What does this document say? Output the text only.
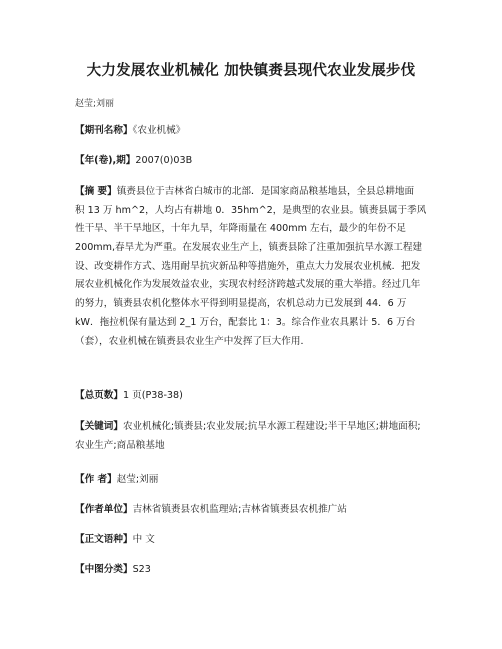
大力发展农业机械化 加快镇赉县现代农业发展步伐
赵莹;刘丽
【期刊名称】《农业机械》
【年(卷),期】2007(0)03B
【摘 要】镇赉县位于吉林省白城市的北部．是国家商品粮基地县，全县总耕地面
积 13 万 hm^2，人均占有耕地 0．35hm^2，是典型的农业县。镇赉县属于季风
性干旱、半干旱地区，十年九旱，年降雨量在 400mm 左右，最少的年份不足
200mm,春旱尤为严重。在发展农业生产上，镇赉县除了注重加强抗旱水源工程建
设、改变耕作方式、选用耐旱抗灾新品种等措施外，重点大力发展农业机械．把发
展农业机械化作为发展效益农业，实现农村经济跨越式发展的重大举措。经过几年
的努力，镇赉县农机化整体水平得到明显提高，农机总动力已发展到 44．6 万
kW．拖拉机保有量达到 2_1 万台，配套比 1：3。综合作业农具累计 5．6 万台
（套），农业机械在镇赉县农业生产中发挥了巨大作用．
【总页数】1 页(P38-38)
【关键词】农业机械化;镇赉县;农业发展;抗旱水源工程建设;半干旱地区;耕地面积;
农业生产;商品粮基地
【作 者】赵莹;刘丽
【作者单位】吉林省镇赉县农机监理站;吉林省镇赉县农机推广站
【正文语种】中 文
【中图分类】S23
